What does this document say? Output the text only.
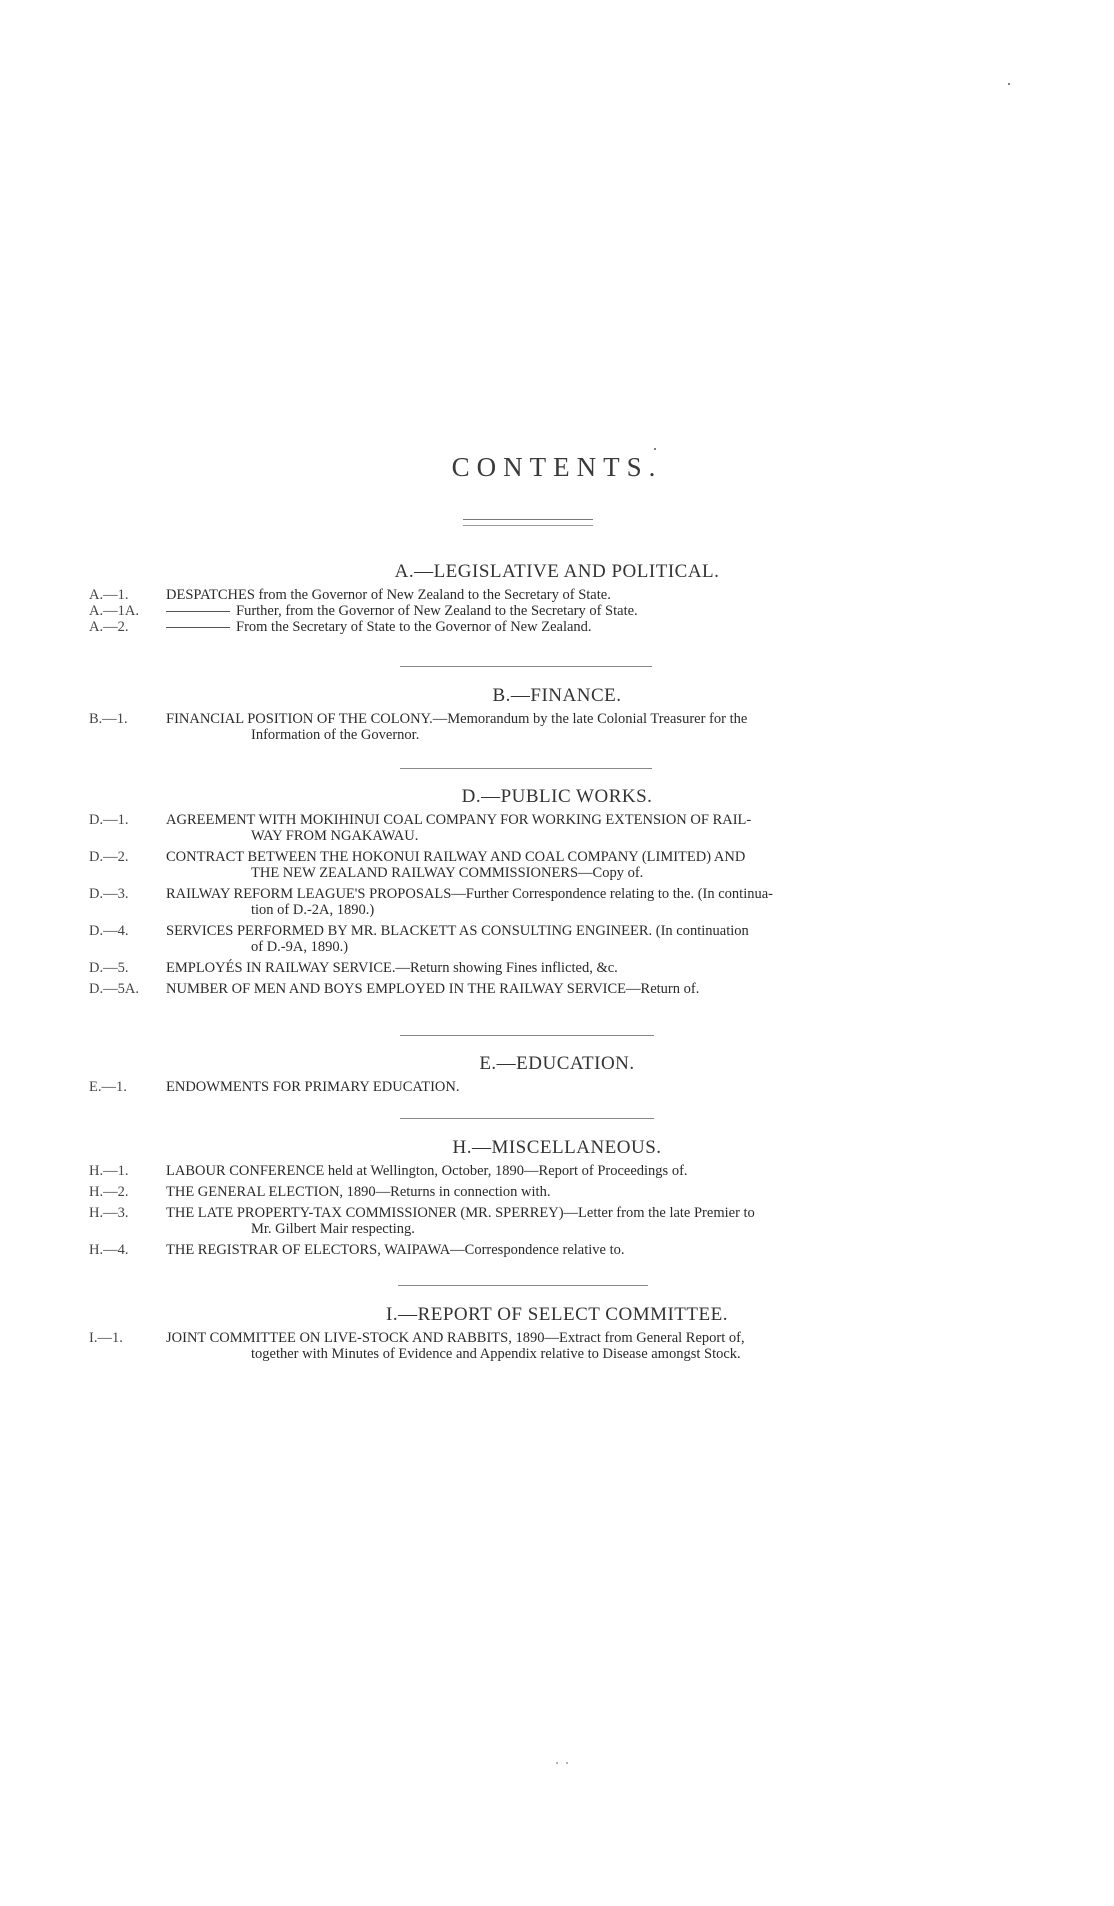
CONTENTS.
A.—LEGISLATIVE AND POLITICAL.
A.—1.	DESPATCHES from the Governor of New Zealand to the Secretary of State.
A.—1A.	Further, from the Governor of New Zealand to the Secretary of State.
A.—2.	From the Secretary of State to the Governor of New Zealand.
B.—FINANCE.
B.—1.	FINANCIAL POSITION OF THE COLONY.—Memorandum by the late Colonial Treasurer for the
Information of the Governor.
D.—PUBLIC WORKS.
D.—1.	AGREEMENT WITH MOKIHINUI COAL COMPANY FOR WORKING EXTENSION OF RAIL-
WAY FROM NGAKAWAU.
D.—2.	CONTRACT BETWEEN THE HOKONUI RAILWAY AND COAL COMPANY (LIMITED) AND
THE NEW ZEALAND RAILWAY COMMISSIONERS—Copy of.
D.—3.	RAILWAY REFORM LEAGUE'S PROPOSALS—Further Correspondence relating to the. (In continua-
tion of D.-2A, 1890.)
D.—4.	SERVICES PERFORMED BY MR. BLACKETT AS CONSULTING ENGINEER. (In continuation
of D.-9A, 1890.)
D.—5.	EMPLOYÉS IN RAILWAY SERVICE.—Return showing Fines inflicted, &c.
D.—5A.	NUMBER OF MEN AND BOYS EMPLOYED IN THE RAILWAY SERVICE—Return of.
E.—EDUCATION.
E.—1.	ENDOWMENTS FOR PRIMARY EDUCATION.
H.—MISCELLANEOUS.
H.—1.	LABOUR CONFERENCE held at Wellington, October, 1890—Report of Proceedings of.
H.—2.	THE GENERAL ELECTION, 1890—Returns in connection with.
H.—3.	THE LATE PROPERTY-TAX COMMISSIONER (MR. SPERREY)—Letter from the late Premier to
Mr. Gilbert Mair respecting.
H.—4.	THE REGISTRAR OF ELECTORS, WAIPAWA—Correspondence relative to.
I.—REPORT OF SELECT COMMITTEE.
I.—1.	JOINT COMMITTEE ON LIVE-STOCK AND RABBITS, 1890—Extract from General Report of,
together with Minutes of Evidence and Appendix relative to Disease amongst Stock.
